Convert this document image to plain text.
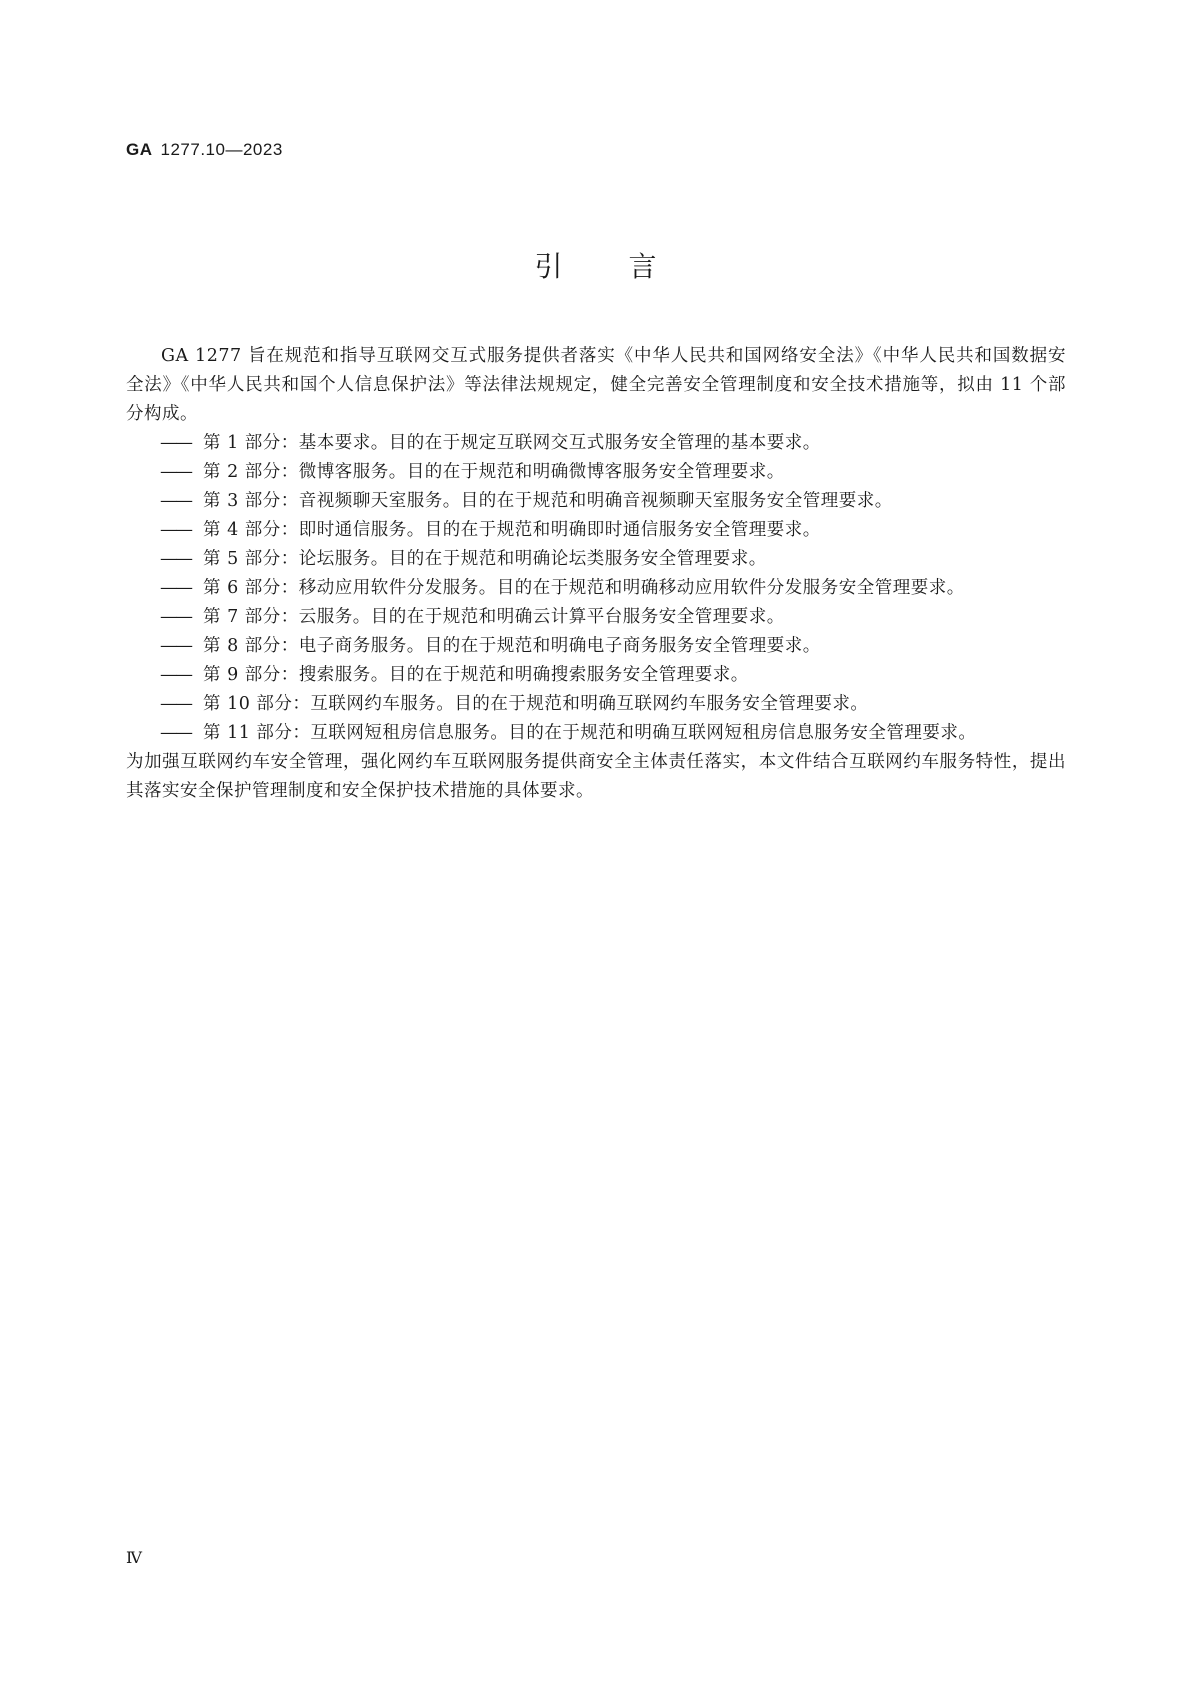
GA 1277.10—2023
引言

GA 1277 旨在规范和指导互联网交互式服务提供者落实《中华人民共和国网络安全法》《中华人民共和国数据安全法》《中华人民共和国个人信息保护法》等法律法规规定，健全完善安全管理制度和安全技术措施等，拟由 11 个部分构成。

—— 第 1 部分：基本要求。目的在于规定互联网交互式服务安全管理的基本要求。
—— 第 2 部分：微博客服务。目的在于规范和明确微博客服务安全管理要求。
—— 第 3 部分：音视频聊天室服务。目的在于规范和明确音视频聊天室服务安全管理要求。
—— 第 4 部分：即时通信服务。目的在于规范和明确即时通信服务安全管理要求。
—— 第 5 部分：论坛服务。目的在于规范和明确论坛类服务安全管理要求。
—— 第 6 部分：移动应用软件分发服务。目的在于规范和明确移动应用软件分发服务安全管理要求。
—— 第 7 部分：云服务。目的在于规范和明确云计算平台服务安全管理要求。
—— 第 8 部分：电子商务服务。目的在于规范和明确电子商务服务安全管理要求。
—— 第 9 部分：搜索服务。目的在于规范和明确搜索服务安全管理要求。
—— 第 10 部分：互联网约车服务。目的在于规范和明确互联网约车服务安全管理要求。
—— 第 11 部分：互联网短租房信息服务。目的在于规范和明确互联网短租房信息服务安全管理要求。

为加强互联网约车安全管理，强化网约车互联网服务提供商安全主体责任落实，本文件结合互联网约车服务特性，提出其落实安全保护管理制度和安全保护技术措施的具体要求。

Ⅳ
